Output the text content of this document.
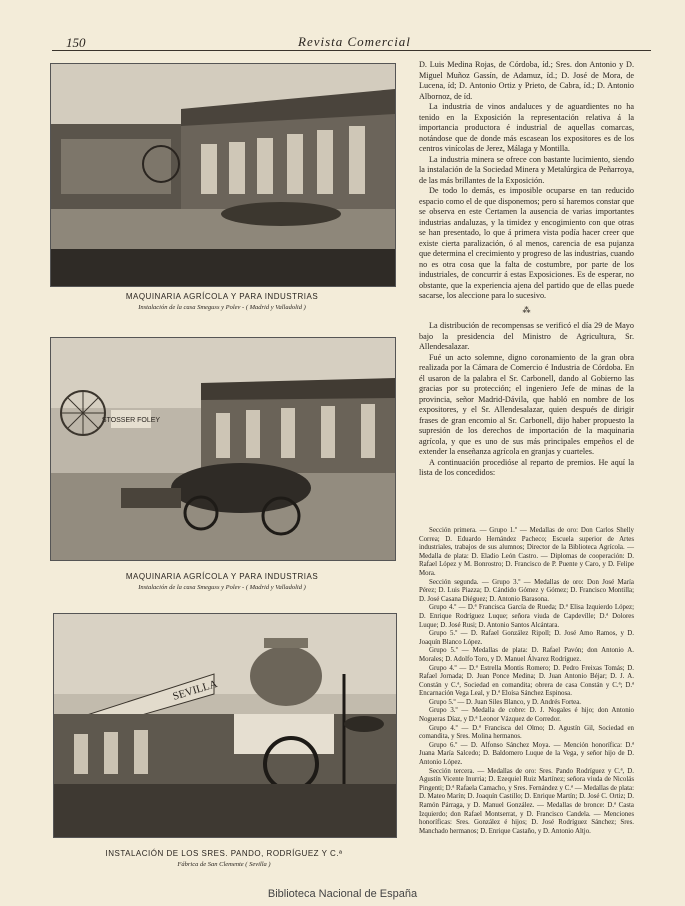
150	Revista Comercial
MAQUINARIA AGRÍCOLA Y PARA INDUSTRIAS
Instalación de la casa Smeguss y Polev - ( Madrid y Valladolid )
STOSSER FOLEY
MAQUINARIA AGRÍCOLA Y PARA INDUSTRIAS
Instalación de la casa Smeguss y Polev - ( Madrid y Valladolid )
SEVILLA
INSTALACIÓN DE LOS SRES. PANDO, RODRÍGUEZ Y C.ª
Fábrica de San Clemente ( Sevilla )

D. Luis Medina Rojas, de Córdoba, íd.; Sres. don Antonio y D. Miguel Muñoz Gassín, de Adamuz, íd.; D. José de Mora, de Lucena, íd; D. Antonio Ortiz y Prieto, de Cabra, íd.; D. Antonio Albornoz, de íd.

La industria de vinos andaluces y de aguardientes no ha tenido en la Exposición la representación relativa á la importancia productora é industrial de aquellas comarcas, notándose que de donde más escasean los expositores es de los centros vinícolas de Jerez, Málaga y Montilla.

La industria minera se ofrece con bastante lucimiento, siendo la instalación de la Sociedad Minera y Metalúrgica de Peñarroya, de las más brillantes de la Exposición.

De todo lo demás, es imposible ocuparse en tan reducido espacio como el de que disponemos; pero sí haremos constar que se observa en este Certamen la ausencia de varias importantes industrias andaluzas, y la timidez y encogimiento con que otras se han presentado, lo que á primera vista podía hacer creer que existe cierta paralización, ó al menos, carencia de esa pujanza que determina el crecimiento y progreso de las industrias, cuando no es otra cosa que la falta de costumbre, por parte de los industriales, de concurrir á estas Exposiciones. Es de esperar, no obstante, que la experiencia ajena del partido que de ellas puede sacarse, los aleccione para lo sucesivo.

⁂

La distribución de recompensas se verificó el día 29 de Mayo bajo la presidencia del Ministro de Agricultura, Sr. Allendesalazar.

Fué un acto solemne, digno coronamiento de la gran obra realizada por la Cámara de Comercio é Industria de Córdoba. En él usaron de la palabra el Sr. Carbonell, dando al Gobierno las gracias por su protección; el ingeniero Jefe de minas de la provincia, señor Madrid-Dávila, que habló en nombre de los expositores, y el Sr. Allendesalazar, quien después de dirigir frases de gran encomio al Sr. Carbonell, dijo haber propuesto la supresión de los derechos de importación de la maquinaria agrícola, y que es uno de sus más principales empeños el de extender la enseñanza agrícola en granjas y cuarteles.

A continuación procedióse al reparto de premios. He aquí la lista de los concedidos:

Sección primera. — Grupo 1.º — Medallas de oro: Don Carlos Shelly Correa; D. Eduardo Hernández Pacheco; Escuela superior de Artes industriales, trabajos de sus alumnos; Director de la Biblioteca Agrícola. — Medalla de plata: D. Eladio León Castro. — Diplomas de cooperación: D. Rafael López y M. Bonrostro; D. Francisco de P. Puente y Caro, y D. Felipe Mora.

Sección segunda. — Grupo 3.º — Medallas de oro: Don José María Pérez; D. Luis Piazza; D. Cándido Gómez y Gómez; D. Francisco Montilla; D. José Casana Diéguez; D. Antonio Barasona.

Grupo 4.º — D.ª Francisca García de Rueda; D.ª Elisa Izquierdo López; D. Enrique Rodríguez Luque; señora viuda de Capdevílle; D.ª Dolores Luque; D. José Rusi; D. Antonio Santos Alcántara.

Grupo 5.º — D. Rafael González Ripoll; D. José Amo Ramos, y D. Joaquín Blanco López.

Grupo 5.º — Medallas de plata: D. Rafael Pavón; don Antonio A. Morales; D. Adolfo Toro, y D. Manuel Álvarez Rodríguez.

Grupo 4.º — D.ª Estrella Montis Romero; D. Pedro Freixas Tomás; D. Rafael Jornada; D. Juan Ponce Medina; D. Juan Antonio Béjar; D. J. A. Constán y C.ª, Sociedad en comandita; obrera de casa Constán y C.ª; D.ª Encarnación Vega Leal, y D.ª Eloísa Sánchez Espinosa.

Grupo 5.º — D. Juan Siles Blanco, y D. Andrés Fortea.

Grupo 3.º — Medalla de cobre: D. J. Nogales é hijo; don Antonio Nogueras Díaz, y D.ª Leonor Vázquez de Corredor.

Grupo 4.º — D.ª Francisca del Olmo; D. Agustín Gil, Sociedad en comandita, y Sres. Molina hermanos.

Grupo 6.º — D. Alfonso Sánchez Moya. — Mención honorífica: D.ª Juana María Salcedo; D. Baldomero Luque de la Vega, y señor hijo de D. Antonio López.

Sección tercera. — Medallas de oro: Sres. Pando Rodríguez y C.ª, D. Agustín Vicente Inurria; D. Ezequiel Ruiz Martínez; señora viuda de Nicolás Pingenti; D.ª Rafaela Camacho, y Sres. Fernández y C.ª — Medallas de plata: D. Mateo Marín; D. Joaquín Castillo; D. Enrique Martín; D. José C. Ortiz; D. Ramón Párraga, y D. Manuel González. — Medallas de bronce: D.ª Casta Izquierdo; don Rafael Montserrat, y D. Francisco Candela. — Menciones honoríficas: Sres. González é hijos; D. José Rodríguez Sánchez; Sres. Manchado hermanos; D. Enrique Castaño, y D. Antonio Altjo.

Biblioteca Nacional de España
